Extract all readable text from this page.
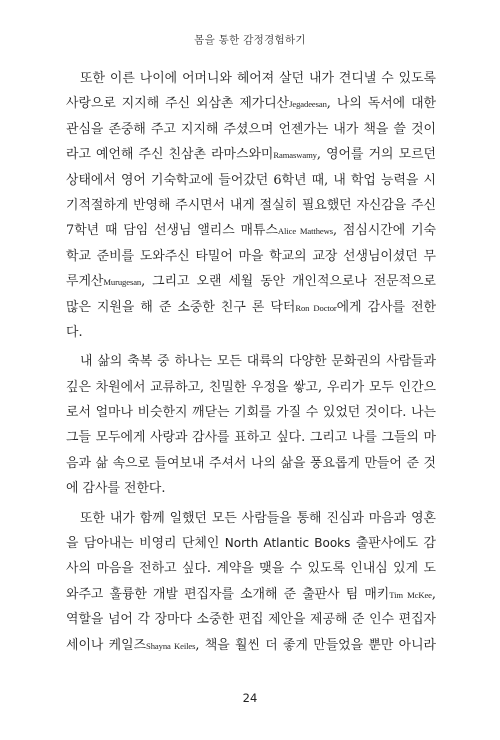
몸을 통한 감정경험하기
또한 이른 나이에 어머니와 헤어져 살던 내가 견디낼 수 있도록
사랑으로 지지해 주신 외삼촌 제가디산Jegadeesan, 나의 독서에 대한
관심을 존중해 주고 지지해 주셨으며 언젠가는 내가 책을 쓸 것이
라고 예언해 주신 친삼촌 라마스와미Ramaswamy, 영어를 거의 모르던
상태에서 영어 기숙학교에 들어갔던 6학년 때, 내 학업 능력을 시
기적절하게 반영해 주시면서 내게 절실히 필요했던 자신감을 주신
7학년 때 담임 선생님 앨리스 매튜스Alice Matthews, 점심시간에 기숙
학교 준비를 도와주신 타밀어 마을 학교의 교장 선생님이셨던 무
루게산Murugesan, 그리고 오랜 세월 동안 개인적으로나 전문적으로
많은 지원을 해 준 소중한 친구 론 닥터Ron Doctor에게 감사를 전한
다.
내 삶의 축복 중 하나는 모든 대륙의 다양한 문화권의 사람들과
깊은 차원에서 교류하고, 친밀한 우정을 쌓고, 우리가 모두 인간으
로서 얼마나 비슷한지 깨닫는 기회를 가질 수 있었던 것이다. 나는
그들 모두에게 사랑과 감사를 표하고 싶다. 그리고 나를 그들의 마
음과 삶 속으로 들여보내 주셔서 나의 삶을 풍요롭게 만들어 준 것
에 감사를 전한다.
또한 내가 함께 일했던 모든 사람들을 통해 진심과 마음과 영혼
을 담아내는 비영리 단체인 North Atlantic Books 출판사에도 감
사의 마음을 전하고 싶다. 계약을 맺을 수 있도록 인내심 있게 도
와주고 훌륭한 개발 편집자를 소개해 준 출판사 팀 매키Tim McKee,
역할을 넘어 각 장마다 소중한 편집 제안을 제공해 준 인수 편집자
세이나 케일즈Shayna Keiles, 책을 훨씬 더 좋게 만들었을 뿐만 아니라
24
